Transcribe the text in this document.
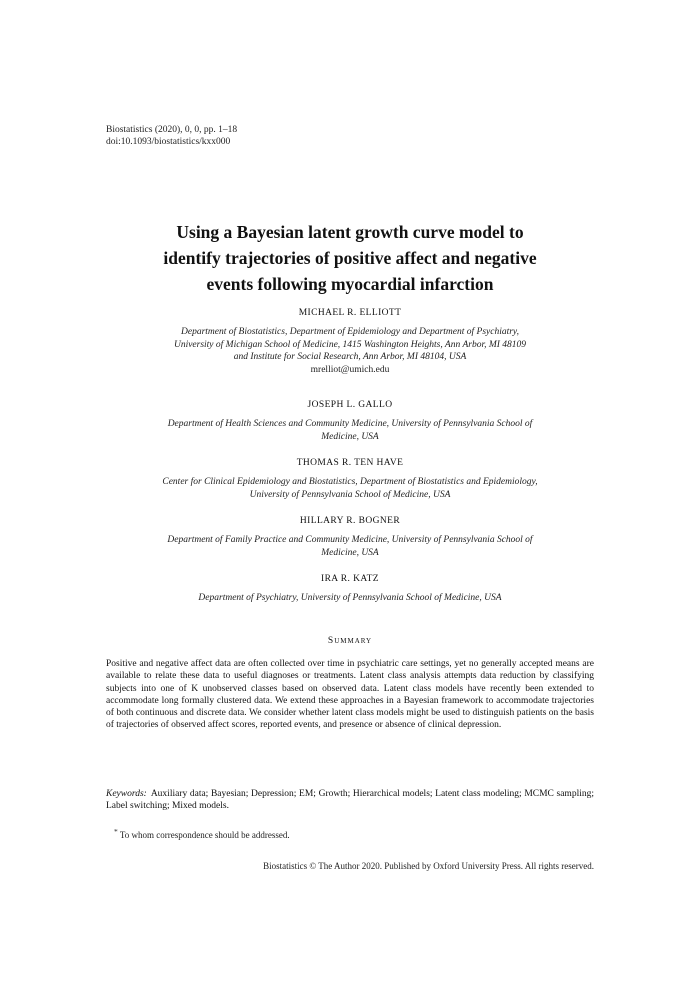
Biostatistics (2020), 0, 0, pp. 1–18
doi:10.1093/biostatistics/kxx000
Using a Bayesian latent growth curve model to
identify trajectories of positive affect and negative
events following myocardial infarction
MICHAEL R. ELLIOTT
Department of Biostatistics, Department of Epidemiology and Department of Psychiatry,
University of Michigan School of Medicine, 1415 Washington Heights, Ann Arbor, MI 48109
and Institute for Social Research, Ann Arbor, MI 48104, USA
mrelliot@umich.edu
JOSEPH L. GALLO
Department of Health Sciences and Community Medicine, University of Pennsylvania School of
Medicine, USA
THOMAS R. TEN HAVE
Center for Clinical Epidemiology and Biostatistics, Department of Biostatistics and Epidemiology,
University of Pennsylvania School of Medicine, USA
HILLARY R. BOGNER
Department of Family Practice and Community Medicine, University of Pennsylvania School of
Medicine, USA
IRA R. KATZ
Department of Psychiatry, University of Pennsylvania School of Medicine, USA
Summary

Positive and negative affect data are often collected over time in psychiatric care settings, yet no generally accepted means are available to relate these data to useful diagnoses or treatments. Latent class analysis attempts data reduction by classifying subjects into one of K unobserved classes based on observed data. Latent class models have recently been extended to accommodate long formally clustered data. We extend these approaches in a Bayesian framework to accommodate trajectories of both continuous and discrete data. We consider whether latent class models might be used to distinguish patients on the basis of trajectories of observed affect scores, reported events, and presence or absence of clinical depression.

Keywords: Auxiliary data; Bayesian; Depression; EM; Growth; Hierarchical models; Latent class modeling; MCMC sampling; Label switching; Mixed models.

* To whom correspondence should be addressed.
Biostatistics © The Author 2020. Published by Oxford University Press. All rights reserved.
